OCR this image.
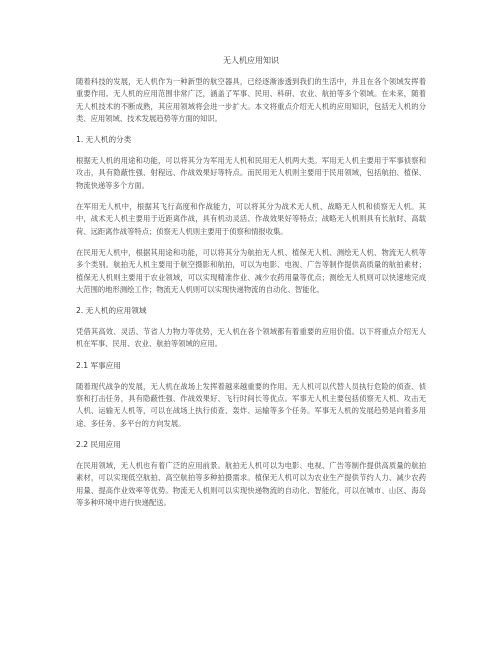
无人机应用知识

随着科技的发展，无人机作为一种新型的航空器具，已经逐渐渗透到我们的生活中，并且在各个领域发挥着重要作用。无人机的应用范围非常广泛，涵盖了军事、民用、科研、农业、航拍等多个领域。在未来，随着无人机技术的不断成熟，其应用领域将会进一步扩大。本文将重点介绍无人机的应用知识，包括无人机的分类、应用领域、技术发展趋势等方面的知识。

1. 无人机的分类

根据无人机的用途和功能，可以将其分为军用无人机和民用无人机两大类。军用无人机主要用于军事侦察和攻击，具有隐蔽性强、射程远、作战效果好等特点。而民用无人机则主要用于民用领域，包括航拍、植保、物流快递等多个方面。

在军用无人机中，根据其飞行高度和作战能力，可以将其分为战术无人机、战略无人机和侦察无人机。其中，战术无人机主要用于近距离作战，具有机动灵活、作战效果好等特点；战略无人机则具有长航时、高载荷、远距离作战等特点；侦察无人机则主要用于侦察和情报收集。

在民用无人机中，根据其用途和功能，可以将其分为航拍无人机、植保无人机、测绘无人机、物流无人机等多个类别。航拍无人机主要用于航空摄影和航拍，可以为电影、电视、广告等制作提供高质量的航拍素材；植保无人机则主要用于农业领域，可以实现精准作业、减少农药用量等优点；测绘无人机则可以快速地完成大范围的地形测绘工作；物流无人机则可以实现快递物流的自动化、智能化。

2. 无人机的应用领域

凭借其高效、灵活、节省人力物力等优势，无人机在各个领域都有着重要的应用价值。以下将重点介绍无人机在军事、民用、农业、航拍等领域的应用。

2.1 军事应用

随着现代战争的发展，无人机在战场上发挥着越来越重要的作用。无人机可以代替人员执行危险的侦查、侦察和打击任务，具有隐蔽性强、作战效果好、飞行时间长等优点。军事无人机主要包括侦察无人机、攻击无人机、运输无人机等，可以在战场上执行侦查、轰炸、运输等多个任务。军事无人机的发展趋势是向着多用途、多任务、多平台的方向发展。

2.2 民用应用

在民用领域，无人机也有着广泛的应用前景。航拍无人机可以为电影、电视、广告等制作提供高质量的航拍素材，可以实现低空航拍、高空航拍等多种拍摄需求。植保无人机可以为农业生产提供节约人力、减少农药用量、提高作业效率等优势。物流无人机则可以实现快递物流的自动化、智能化，可以在城市、山区、海岛等多种环境中进行快递配送。
